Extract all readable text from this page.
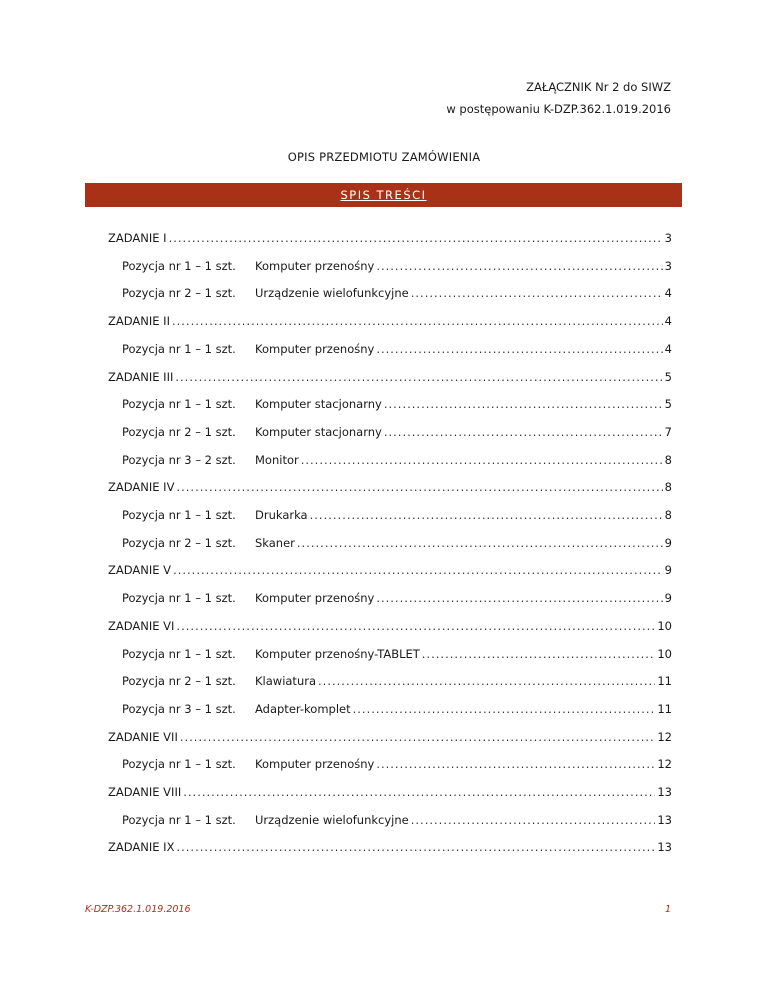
ZAŁĄCZNIK Nr 2 do SIWZ
w postępowaniu K-DZP.362.1.019.2016
OPIS PRZEDMIOTU ZAMÓWIENIA
SPIS TREŚCI
ZADANIE I .....	3
Pozycja nr 1 – 1 szt.	Komputer przenośny .....	3
Pozycja nr 2 – 1 szt.	Urządzenie wielofunkcyjne .....	4
ZADANIE II .....	4
Pozycja nr 1 – 1 szt.	Komputer przenośny .....	4
ZADANIE III .....	5
Pozycja nr 1 – 1 szt.	Komputer stacjonarny .....	5
Pozycja nr 2 – 1 szt.	Komputer stacjonarny .....	7
Pozycja nr 3 – 2 szt.	Monitor .....	8
ZADANIE IV .....	8
Pozycja nr 1 – 1 szt.	Drukarka .....	8
Pozycja nr 2 – 1 szt.	Skaner .....	9
ZADANIE V .....	9
Pozycja nr 1 – 1 szt.	Komputer przenośny .....	9
ZADANIE VI .....	10
Pozycja nr 1 – 1 szt.	Komputer przenośny-TABLET .....	10
Pozycja nr 2 – 1 szt.	Klawiatura .....	11
Pozycja nr 3 – 1 szt.	Adapter-komplet .....	11
ZADANIE VII .....	12
Pozycja nr 1 – 1 szt.	Komputer przenośny .....	12
ZADANIE VIII .....	13
Pozycja nr 1 – 1 szt.	Urządzenie wielofunkcyjne .....	13
ZADANIE IX .....	13
K-DZP.362.1.019.2016	1
